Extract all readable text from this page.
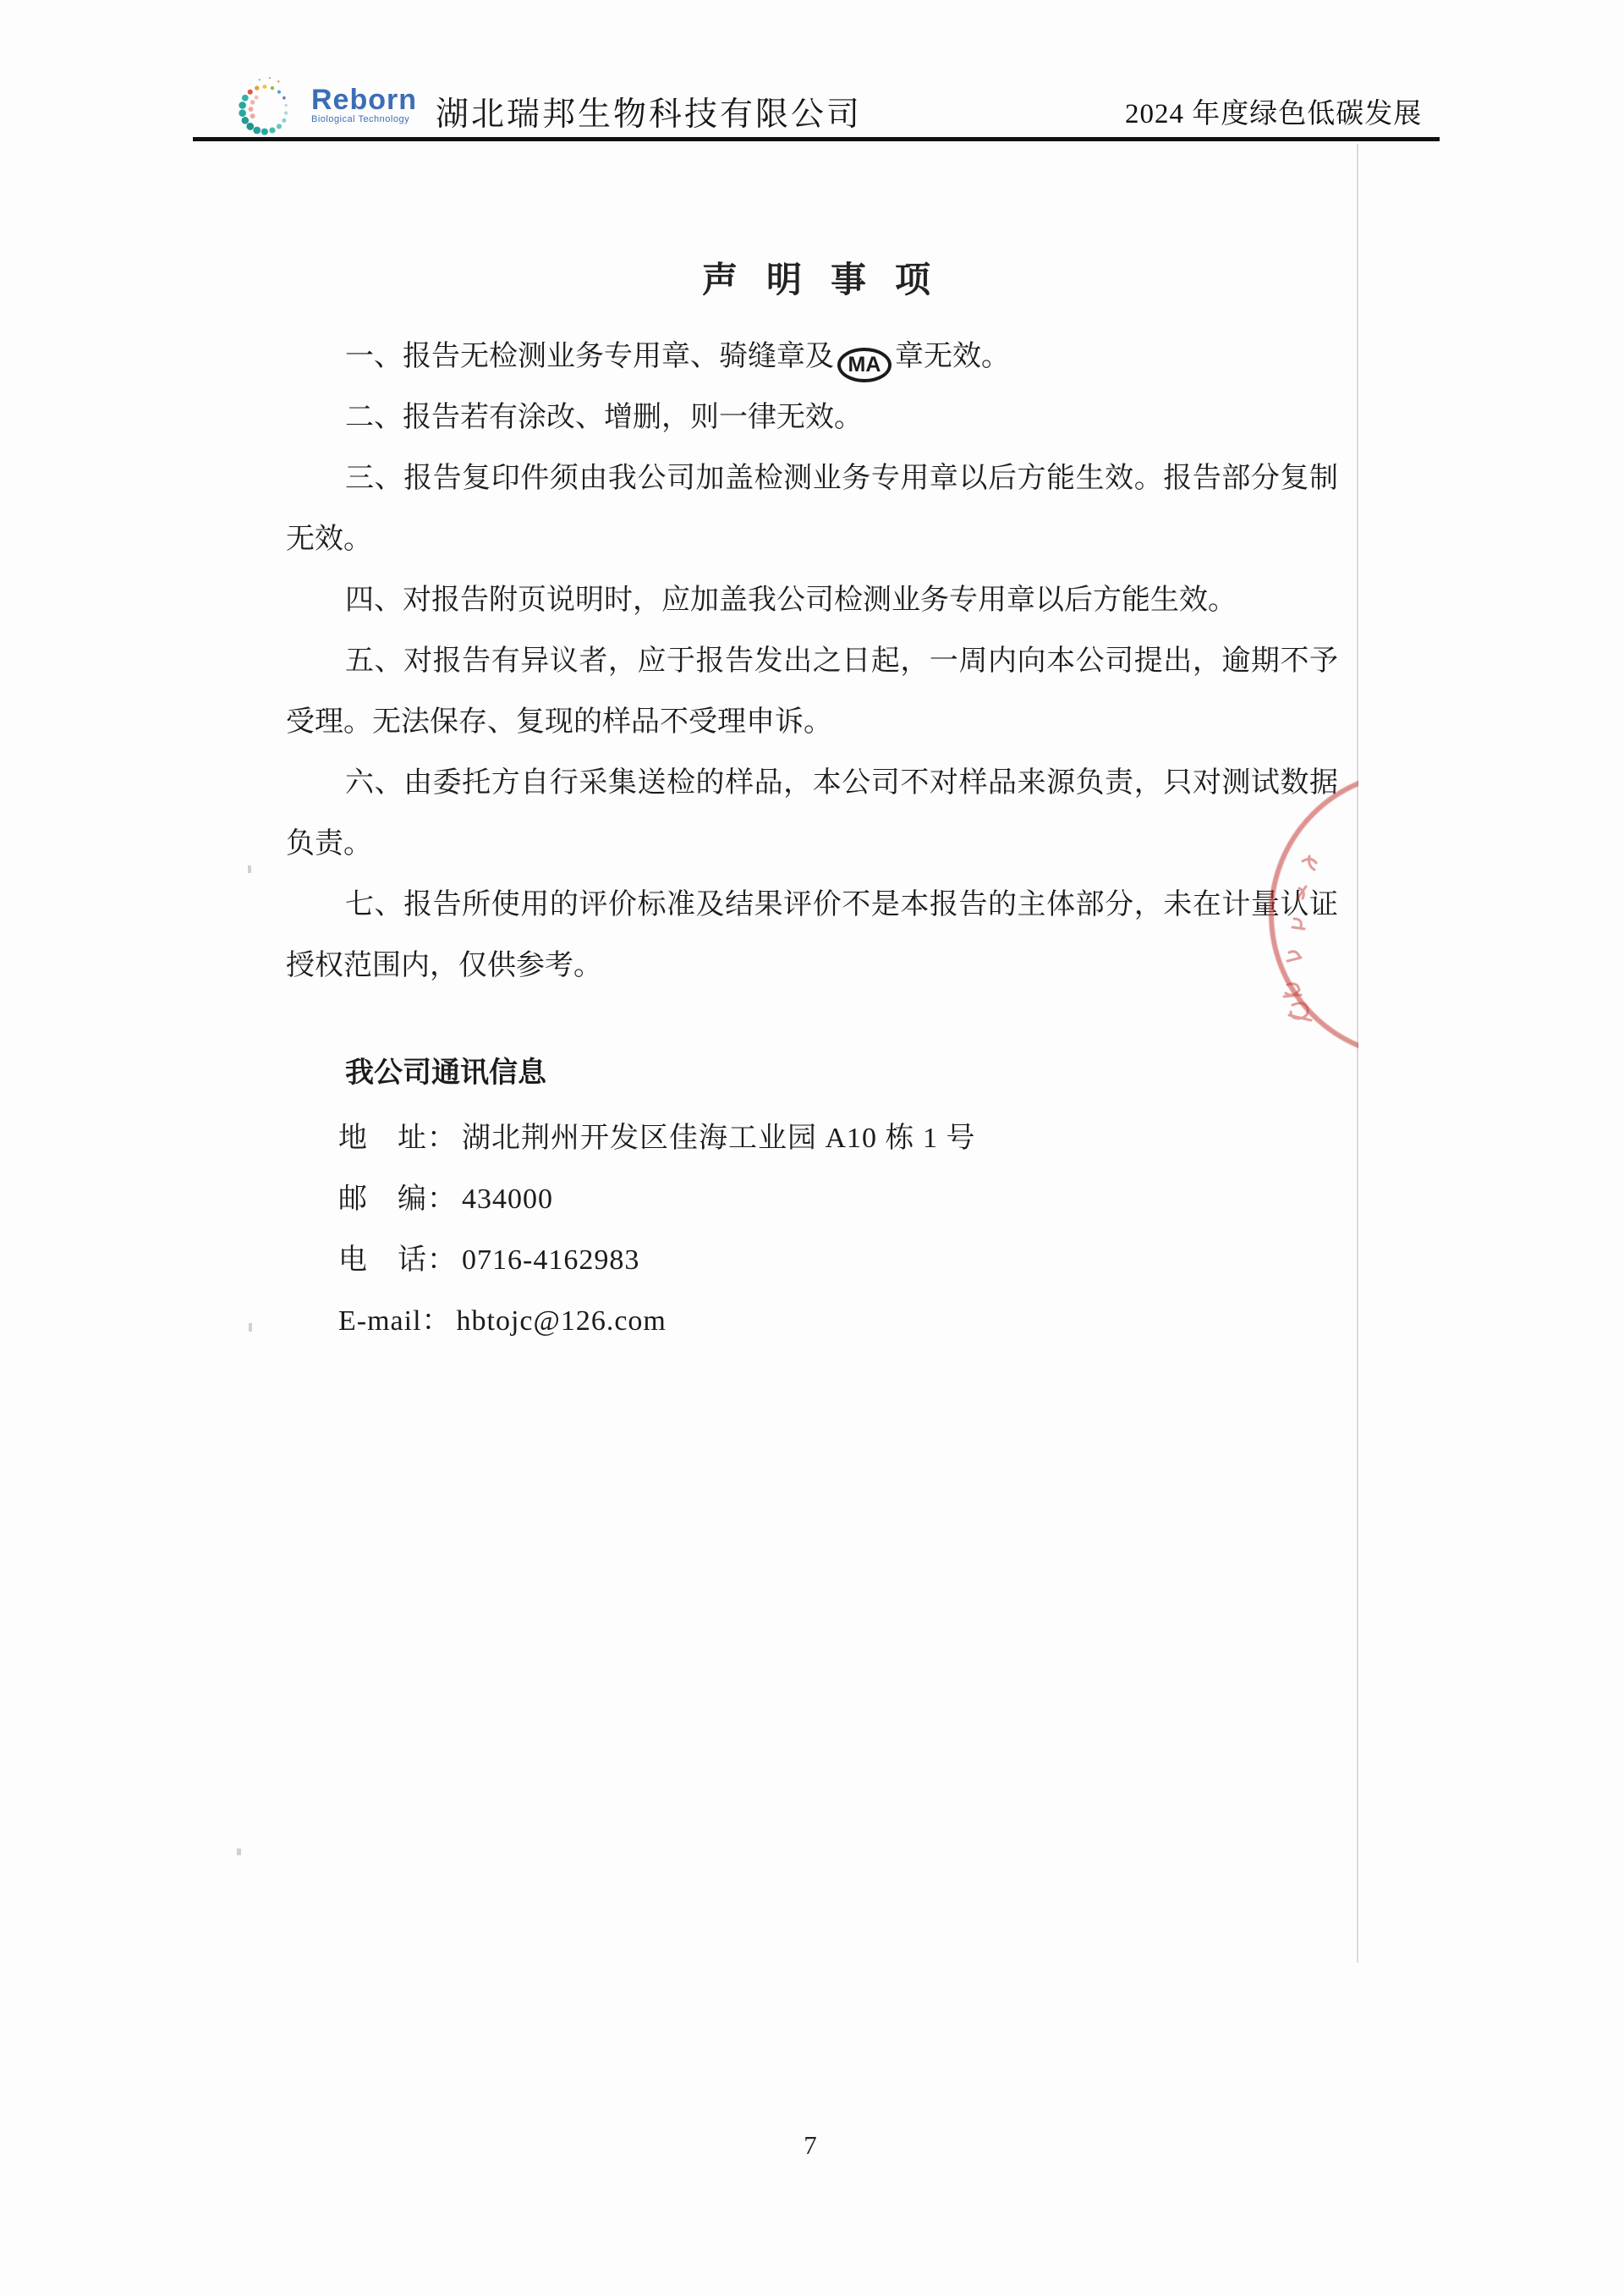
Reborn
Biological Technology 湖北瑞邦生物科技有限公司	2024 年度绿色低碳发展
声明事项

一、报告无检测业务专用章、骑缝章及 MA 章无效。

二、报告若有涂改、增删，则一律无效。

三、报告复印件须由我公司加盖检测业务专用章以后方能生效。报告部分复制无效。

四、对报告附页说明时，应加盖我公司检测业务专用章以后方能生效。

五、对报告有异议者，应于报告发出之日起，一周内向本公司提出，逾期不予受理。无法保存、复现的样品不受理申诉。

六、由委托方自行采集送检的样品，本公司不对样品来源负责，只对测试数据负责。

七、报告所使用的评价标准及结果评价不是本报告的主体部分，未在计量认证授权范围内，仅供参考。

我公司通讯信息
地　址： 湖北荆州开发区佳海工业园 A10 栋 1 号
邮　编： 434000
电　话： 0716-4162983
E-mail： hbtojc@126.com
7
